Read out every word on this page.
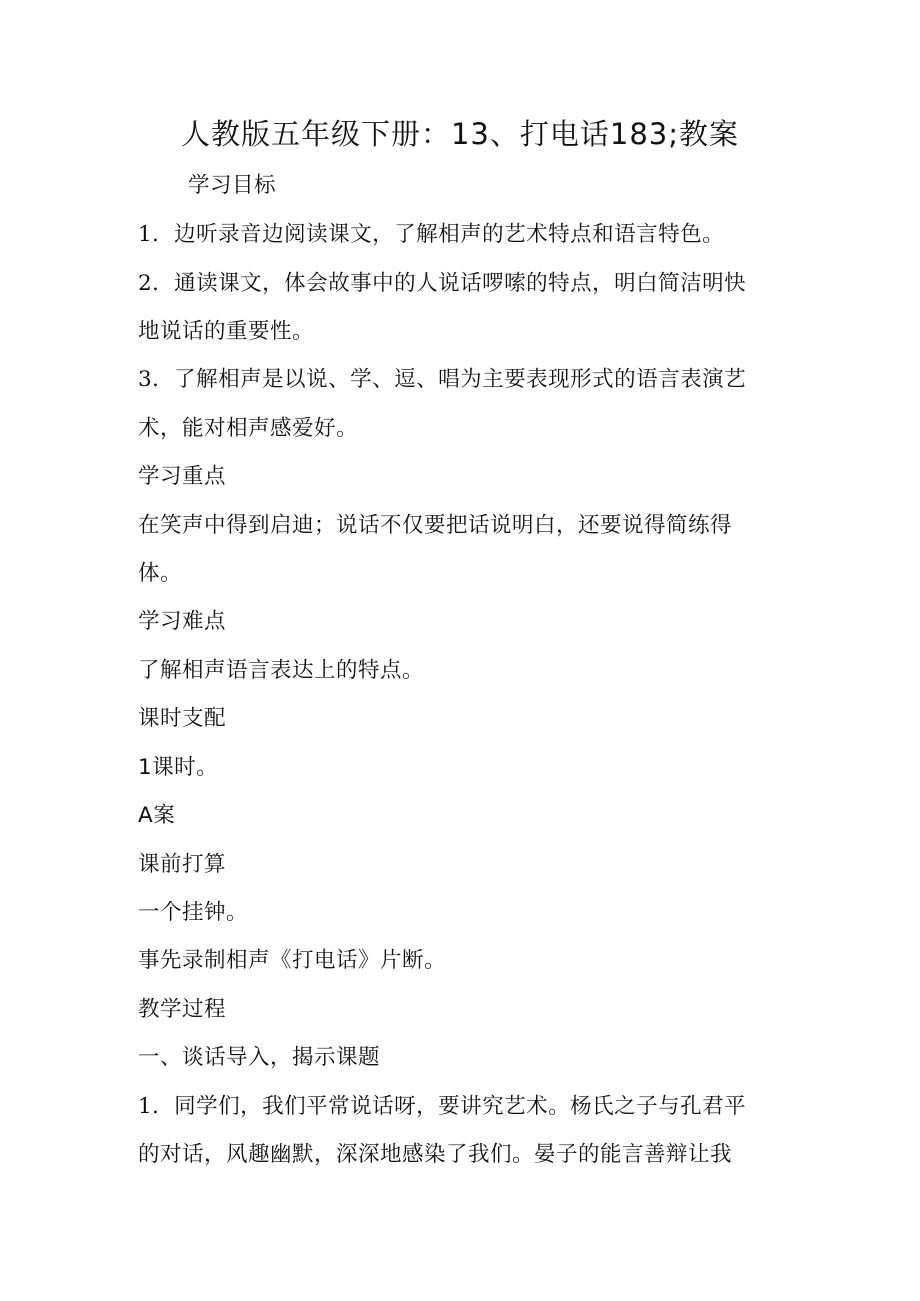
人教版五年级下册：13、打电话183;教案

学习目标

1．边听录音边阅读课文，了解相声的艺术特点和语言特色。

2．通读课文，体会故事中的人说话啰嗦的特点，明白简洁明快

地说话的重要性。

3．了解相声是以说、学、逗、唱为主要表现形式的语言表演艺

术，能对相声感爱好。

学习重点

在笑声中得到启迪；说话不仅要把话说明白，还要说得简练得

体。

学习难点

了解相声语言表达上的特点。

课时支配

1课时。

A案

课前打算

一个挂钟。

事先录制相声《打电话》片断。

教学过程

一、谈话导入，揭示课题

1．同学们，我们平常说话呀，要讲究艺术。杨氏之子与孔君平

的对话，风趣幽默，深深地感染了我们。晏子的能言善辩让我
